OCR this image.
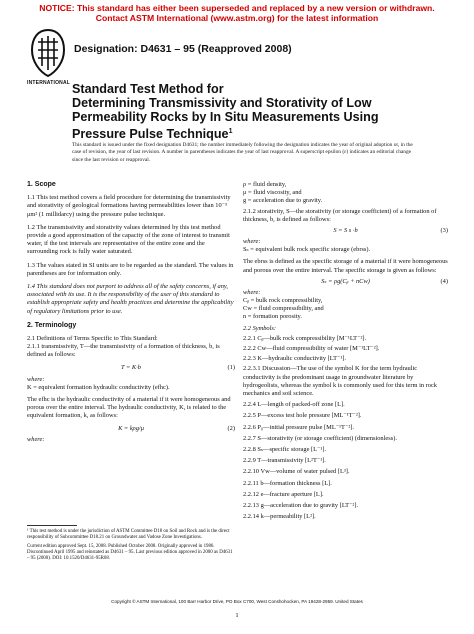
NOTICE: This standard has either been superseded and replaced by a new version or withdrawn.
Contact ASTM International (www.astm.org) for the latest information
INTERNATIONAL
Designation: D4631 – 95 (Reapproved 2008)
Standard Test Method for
Determining Transmissivity and Storativity of Low
Permeability Rocks by In Situ Measurements Using
Pressure Pulse Technique$^1$
This standard is issued under the fixed designation D4631; the number immediately following the designation indicates the year of original adoption or, in the case of revision, the year of last revision. A number in parentheses indicates the year of last reapproval. A superscript epsilon (ε) indicates an editorial change since the last revision or reapproval.

1. Scope

1.1 This test method covers a field procedure for determining the transmissivity and storativity of geological formations having permeabilities lower than 10⁻³ μm² (1 millidarcy) using the pressure pulse technique.

1.2 The transmissivity and storativity values determined by this test method provide a good approximation of the capacity of the zone of interest to transmit water, if the test intervals are representative of the entire zone and the surrounding rock is fully water saturated.

1.3 The values stated in SI units are to be regarded as the standard. The values in parentheses are for information only.

1.4 This standard does not purport to address all of the safety concerns, if any, associated with its use. It is the responsibility of the user of this standard to establish appropriate safety and health practices and determine the applicability of regulatory limitations prior to use.

2. Terminology

2.1 Definitions of Terms Specific to This Standard:

2.1.1 transmissivity, T—the transmissivity of a formation of thickness, b, is defined as follows:

T = K·b	(1)

where:

K = equivalent formation hydraulic conductivity (efhc).

The efhc is the hydraulic conductivity of a material if it were homogeneous and porous over the entire interval. The hydraulic conductivity, K, is related to the equivalent formation, k, as follows:

K = kρg/μ	(2)

where:

¹ This test method is under the jurisdiction of ASTM Committee D18 on Soil and Rock and is the direct responsibility of Subcommittee D18.21 on Groundwater and Vadose Zone Investigations.

Current edition approved Sept. 15, 2008. Published October 2008. Originally approved in 1986. Discontinued April 1995 and reinstated as D4631 – 95. Last previous edition approved in 2000 as D4631 – 95 (2000). DOI: 10.1520/D4631-95R08.

ρ = fluid density,

μ = fluid viscosity, and

g = acceleration due to gravity.

2.1.2 storativity, S—the storativity (or storage coefficient) of a formation of thickness, b, is defined as follows:

S = S s ·b	(3)

where:

Sₛ = equivalent bulk rock specific storage (ebrss).

The ebrss is defined as the specific storage of a material if it were homogeneous and porous over the entire interval. The specific storage is given as follows:

Sₛ = ρg(Cᵦ + nCw)	(4)

where:

Cᵦ = bulk rock compressibility,

Cw = fluid compressibility, and

n = formation porosity.

2.2 Symbols:

2.2.1 Cᵦ—bulk rock compressibility [M⁻¹LT⁻²].

2.2.2 Cw—fluid compressibility of water [M⁻¹LT⁻²].

2.2.3 K—hydraulic conductivity [LT⁻¹].

2.2.3.1 Discussion—The use of the symbol K for the term hydraulic conductivity is the predominant usage in groundwater literature by hydrogeolists, whereas the symbol k is commonly used for this term in rock mechanics and soil science.

2.2.4 L—length of packed-off zone [L].

2.2.5 P—excess test hole pressure [ML⁻¹T⁻²].

2.2.6 P₀—initial pressure pulse [ML⁻¹T⁻²].

2.2.7 S—storativity (or storage coefficient) (dimensionless).

2.2.8 Sₛ—specific storage [L⁻¹].

2.2.9 T—transmissivity [L²T⁻¹].

2.2.10 Vw—volume of water pulsed [L³].

2.2.11 b—formation thickness [L].

2.2.12 e—fracture aperture [L].

2.2.13 g—acceleration due to gravity [LT⁻²].

2.2.14 k—permeability [L²].

Copyright © ASTM International, 100 Barr Harbor Drive, PO Box C700, West Conshohocken, PA 19428-2959. United States
1
